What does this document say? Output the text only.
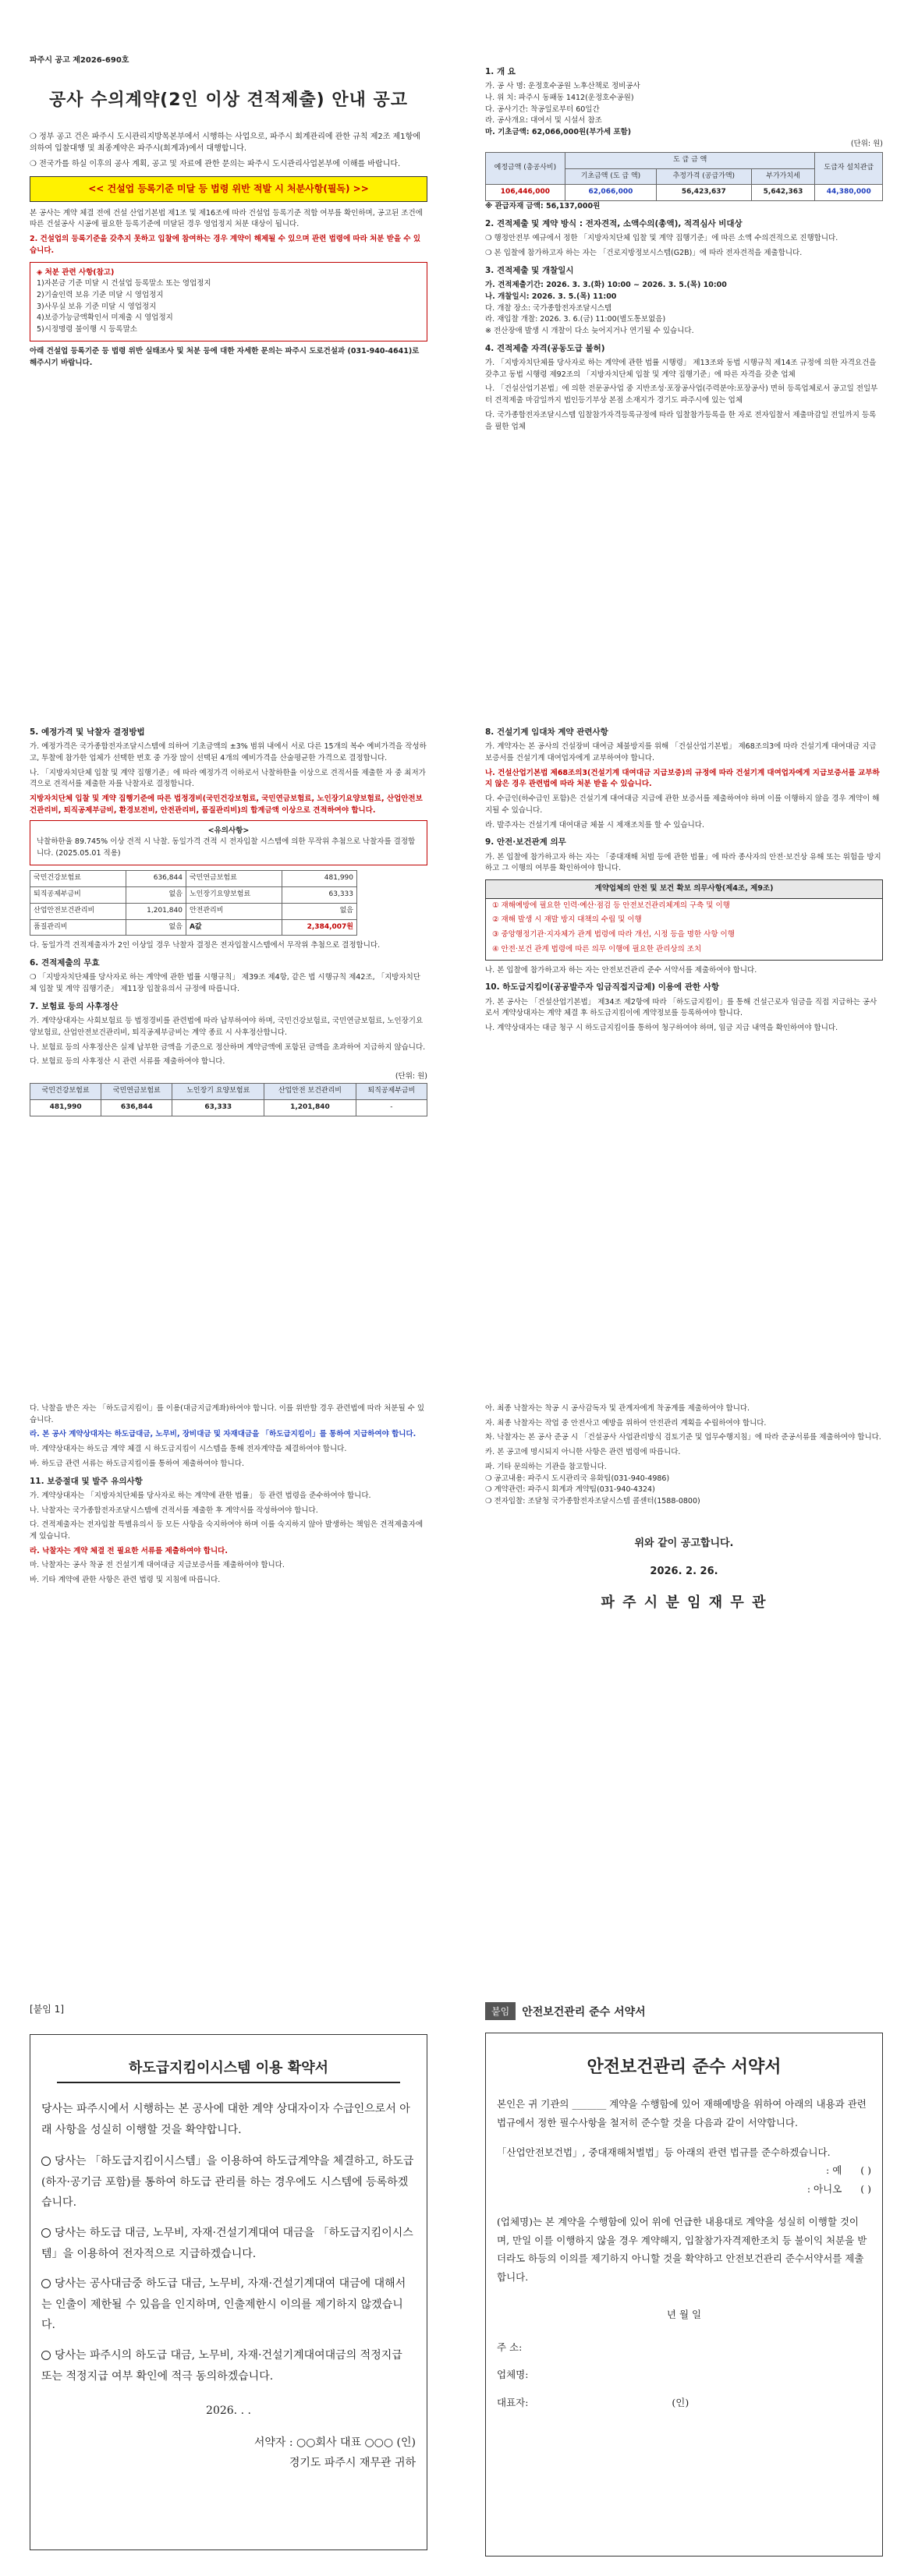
파주시 공고 제2026-690호
공사 수의계약(2인 이상 견적제출) 안내 공고

❍ 정부 공고 건은 파주시 도시관리지방목본부에서 시행하는 사업으로, 파주시 회계관리에 관한 규칙 제2조 제1항에 의하여 입찰대행 및 최종계약은 파주시(회계과)에서 대행합니다.

❍ 전국가를 하실 이후의 공사 계획, 공고 및 자료에 관한 문의는 파주시 도시관리사업본부에 이해를 바랍니다.

<< 건설업 등록기준 미달 등 법령 위반 적발 시 처분사항(필독) >>

본 공사는 계약 체결 전에 건설 산업기본법 제1조 및 제16조에 따라 건설업 등록기준 적합 여부를 확인하며, 공고된 조건에 따른 건설공사 시공에 필요한 등록기준에 미달된 경우 영업정지 처분 대상이 됩니다.

2. 건설업의 등록기준을 갖추지 못하고 입찰에 참여하는 경우 계약이 해제될 수 있으며 관련 법령에 따라 처분 받을 수 있습니다.

◈ 처분 관련 사항(참고)
1)자본금 기준 미달 시 건설업 등록말소 또는 영업정지
2)기술인력 보유 기준 미달 시 영업정지
3)사무실 보유 기준 미달 시 영업정지
4)보증가능금액확인서 미제출 시 영업정지
5)시정명령 불이행 시 등록말소

아래 건설업 등록기준 등 법령 위반 실태조사 및 처분 등에 대한 자세한 문의는 파주시 도로건설과 (031-940-4641)로 해주시기 바랍니다.

1. 개 요
가. 공 사 명: 운정호수공원 노후산책로 정비공사
나. 위 치: 파주시 동패동 1412(운정호수공원)
다. 공사기간: 착공일로부터 60일간
라. 공사개요: 대여서 및 시설서 참조
마. 기초금액: 62,066,000원(부가세 포함)
(단위: 원)
예정금액 (총공사비)	도 급 금 액			도급자 설치관급
	기초금액 (도 급 액)	추정가격 (공급가액)	부가가치세	
106,446,000	62,066,000	56,423,637	5,642,363	44,380,000
※ 관급자재 금액: 56,137,000원
2. 견적제출 및 계약 방식 : 전자견적, 소액수의(총액), 적격심사 비대상

❍ 행정안전부 예규에서 정한 「지방자치단체 입찰 및 계약 집행기준」에 따른 소액 수의견적으로 진행합니다.

❍ 본 입찰에 참가하고자 하는 자는 「건로지방정보시스템(G2B)」에 따라 전자견적을 제출합니다.

3. 견적제출 및 개찰일시
가. 견적제출기간: 2026. 3. 3.(화) 10:00 ~ 2026. 3. 5.(목) 10:00
나. 개찰일시: 2026. 3. 5.(목) 11:00
다. 개찰 장소: 국가종합전자조달시스템
라. 재입찰 개찰: 2026. 3. 6.(금) 11:00(별도통보없음)
※ 전산장애 발생 시 개찰이 다소 늦어지거나 연기될 수 있습니다.
4. 견적제출 자격(공동도급 불허)

가. 「지방자치단체를 당사자로 하는 계약에 관한 법률 시행령」 제13조와 동법 시행규칙 제14조 규정에 의한 자격요건을 갖추고 동법 시행령 제92조의 「지방자치단체 입찰 및 계약 집행기준」에 따른 자격을 갖춘 업체

나. 「건설산업기본법」에 의한 전문공사업 중 지반조성·포장공사업(주력분야:포장공사) 면허 등록업체로서 공고일 전일부터 견적제출 마감일까지 법인등기부상 본점 소재지가 경기도 파주시에 있는 업체

다. 국가종합전자조달시스템 입찰참가자격등록규정에 따라 입찰참가등록을 한 자로 전자입찰서 제출마감일 전일까지 등록을 필한 업체

5. 예정가격 및 낙찰자 결정방법

가. 예정가격은 국가종합전자조달시스템에 의하여 기초금액의 ±3% 범위 내에서 서로 다른 15개의 복수 예비가격을 작성하고, 투찰에 참가한 업체가 선택한 번호 중 가장 많이 선택된 4개의 예비가격을 산술평균한 가격으로 결정합니다.

나. 「지방자치단체 입찰 및 계약 집행기준」에 따라 예정가격 이하로서 낙찰하한율 이상으로 견적서를 제출한 자 중 최저가격으로 견적서를 제출한 자를 낙찰자로 결정합니다.

지방자치단체 입찰 및 계약 집행기준에 따른 법정경비(국민건강보험료, 국민연금보험료, 노인장기요양보험료, 산업안전보건관리비, 퇴직공제부금비, 환경보전비, 안전관리비, 품질관리비)의 합계금액 이상으로 견적하여야 합니다.

<유의사항>
낙찰하한율 89.745% 이상 견적 시 낙찰. 동일가격 견적 시 전자입찰 시스템에 의한 무작위 추첨으로 낙찰자를 결정합니다. (2025.05.01 적용)
국민건강보험료	636,844	국민연금보험료	481,990
퇴직공제부금비	없음	노인장기요양보험료	63,333
산업안전보건관리비	1,201,840	안전관리비	없음
품질관리비	없음	A값	2,384,007원

다. 동일가격 견적제출자가 2인 이상일 경우 낙찰자 결정은 전자입찰시스템에서 무작위 추첨으로 결정합니다.

6. 견적제출의 무효

❍ 「지방자치단체를 당사자로 하는 계약에 관한 법률 시행규칙」 제39조 제4항, 같은 법 시행규칙 제42조, 「지방자치단체 입찰 및 계약 집행기준」 제11장 입찰유의서 규정에 따릅니다.

7. 보험료 등의 사후정산

가. 계약상대자는 사회보험료 등 법정경비를 관련법에 따라 납부하여야 하며, 국민건강보험료, 국민연금보험료, 노인장기요양보험료, 산업안전보건관리비, 퇴직공제부금비는 계약 종료 시 사후정산합니다.

나. 보험료 등의 사후정산은 실제 납부한 금액을 기준으로 정산하며 계약금액에 포함된 금액을 초과하여 지급하지 않습니다.

다. 보험료 등의 사후정산 시 관련 서류를 제출하여야 합니다.

(단위: 원)
국민건강보험료	국민연금보험료	노인장기 요양보험료	산업안전 보건관리비	퇴직공제부금비
481,990	636,844	63,333	1,201,840	-
8. 건설기계 임대차 계약 관련사항

가. 계약자는 본 공사의 건설장비 대여금 체불방지를 위해 「건설산업기본법」 제68조의3에 따라 건설기계 대여대금 지급보증서를 건설기계 대여업자에게 교부하여야 합니다.

나. 건설산업기본법 제68조의3(건설기계 대여대금 지급보증)의 규정에 따라 건설기계 대여업자에게 지급보증서를 교부하지 않은 경우 관련법에 따라 처분 받을 수 있습니다.

다. 수급인(하수급인 포함)은 건설기계 대여대금 지급에 관한 보증서를 제출하여야 하며 이를 이행하지 않을 경우 계약이 해지될 수 있습니다.

라. 발주자는 건설기계 대여대금 체불 시 제재조치를 할 수 있습니다.

9. 안전·보건관계 의무

가. 본 입찰에 참가하고자 하는 자는 「중대재해 처벌 등에 관한 법률」에 따라 종사자의 안전·보건상 유해 또는 위험을 방지하고 그 이행의 여부를 확인하여야 합니다.

계약업체의 안전 및 보건 확보 의무사항(제4조, 제9조)
① 재해예방에 필요한 인력·예산·점검 등 안전보건관리체계의 구축 및 이행
② 재해 발생 시 재발 방지 대책의 수립 및 이행
③ 중앙행정기관·지자체가 관계 법령에 따라 개선, 시정 등을 명한 사항 이행
④ 안전·보건 관계 법령에 따른 의무 이행에 필요한 관리상의 조치

나. 본 입찰에 참가하고자 하는 자는 안전보건관리 준수 서약서를 제출하여야 합니다.

10. 하도급지킴이(공공발주자 임금직접지급제) 이용에 관한 사항

가. 본 공사는 「건설산업기본법」 제34조 제2항에 따라 「하도급지킴이」를 통해 건설근로자 임금을 직접 지급하는 공사로서 계약상대자는 계약 체결 후 하도급지킴이에 계약정보를 등록하여야 합니다.

나. 계약상대자는 대금 청구 시 하도급지킴이를 통하여 청구하여야 하며, 임금 지급 내역을 확인하여야 합니다.

다. 낙찰을 받은 자는 「하도급지킴이」를 이용(대금지급계좌)하여야 합니다. 이를 위반할 경우 관련법에 따라 처분될 수 있습니다.

라. 본 공사 계약상대자는 하도급대금, 노무비, 장비대금 및 자재대금을 「하도급지킴이」를 통하여 지급하여야 합니다.

마. 계약상대자는 하도급 계약 체결 시 하도급지킴이 시스템을 통해 전자계약을 체결하여야 합니다.

바. 하도급 관련 서류는 하도급지킴이를 통하여 제출하여야 합니다.

11. 보증절대 및 발주 유의사항

가. 계약상대자는 「지방자치단체를 당사자로 하는 계약에 관한 법률」 등 관련 법령을 준수하여야 합니다.

나. 낙찰자는 국가종합전자조달시스템에 견적서를 제출한 후 계약서를 작성하여야 합니다.

다. 견적제출자는 전자입찰 특별유의서 등 모든 사항을 숙지하여야 하며 이를 숙지하지 않아 발생하는 책임은 견적제출자에게 있습니다.

라. 낙찰자는 계약 체결 전 필요한 서류를 제출하여야 합니다.

마. 낙찰자는 공사 착공 전 건설기계 대여대금 지급보증서를 제출하여야 합니다.

바. 기타 계약에 관한 사항은 관련 법령 및 지침에 따릅니다.

아. 최종 낙찰자는 착공 시 공사감독자 및 관계자에게 착공계를 제출하여야 합니다.

자. 최종 낙찰자는 작업 중 안전사고 예방을 위하여 안전관리 계획을 수립하여야 합니다.

차. 낙찰자는 본 공사 준공 시 「건설공사 사업관리방식 검토기준 및 업무수행지침」에 따라 준공서류를 제출하여야 합니다.

카. 본 공고에 명시되지 아니한 사항은 관련 법령에 따릅니다.

파. 기타 문의하는 기관을 참고합니다.
❍ 공고내용: 파주시 도시관리국 유화팀(031-940-4986)
❍ 계약관련: 파주시 회계과 계약팀(031-940-4324)
❍ 전자입찰: 조달청 국가종합전자조달시스템 콜센터(1588-0800)
위와 같이 공고합니다.
2026. 2. 26.
파 주 시 분 임 재 무 관
[붙임 1]
하도급지킴이시스템 이용 확약서
당사는 파주시에서 시행하는 본 공사에 대한 계약 상대자이자 수급인으로서 아래 사항을 성실히 이행할 것을 확약합니다.
당사는 「하도급지킴이시스템」을 이용하여 하도급계약을 체결하고, 하도급(하자·공기금 포함)를 통하여 하도급 관리를 하는 경우에도 시스템에 등록하겠습니다.
당사는 하도급 대금, 노무비, 자재·건설기계대여 대금을 「하도급지킴이시스템」을 이용하여 전자적으로 지급하겠습니다.
당사는 공사대금중 하도급 대금, 노무비, 자재·건설기계대여 대금에 대해서는 인출이 제한될 수 있음을 인지하며, 인출제한시 이의를 제기하지 않겠습니다.
당사는 파주시의 하도급 대금, 노무비, 자재·건설기계대여대금의 적정지급 또는 적정지급 여부 확인에 적극 동의하겠습니다.
2026. . .
서약자 : ○○회사 대표 ○○○ (인)
경기도 파주시 재무관 귀하
붙임	안전보건관리 준수 서약서
안전보건관리 준수 서약서
본인은 귀 기관의 _______ 계약을 수행함에 있어 재해예방을 위하여 아래의 내용과 관련 법규에서 정한 필수사항을 철저히 준수할 것을 다음과 같이 서약합니다.
「산업안전보건법」, 중대재해처벌법」등 아래의 관련 법규를 준수하겠습니다.
: 예 ( )
: 아니오 ( )
(업체명)는 본 계약을 수행함에 있어 위에 언급한 내용대로 계약을 성실히 이행할 것이며, 만일 이를 이행하지 않을 경우 계약해지, 입찰참가자격제한조치 등 불이익 처분을 받더라도 하등의 이의를 제기하지 아니할 것을 확약하고 안전보건관리 준수서약서를 제출합니다.
년 월 일
주 소:
업체명:
대표자:	(인)
